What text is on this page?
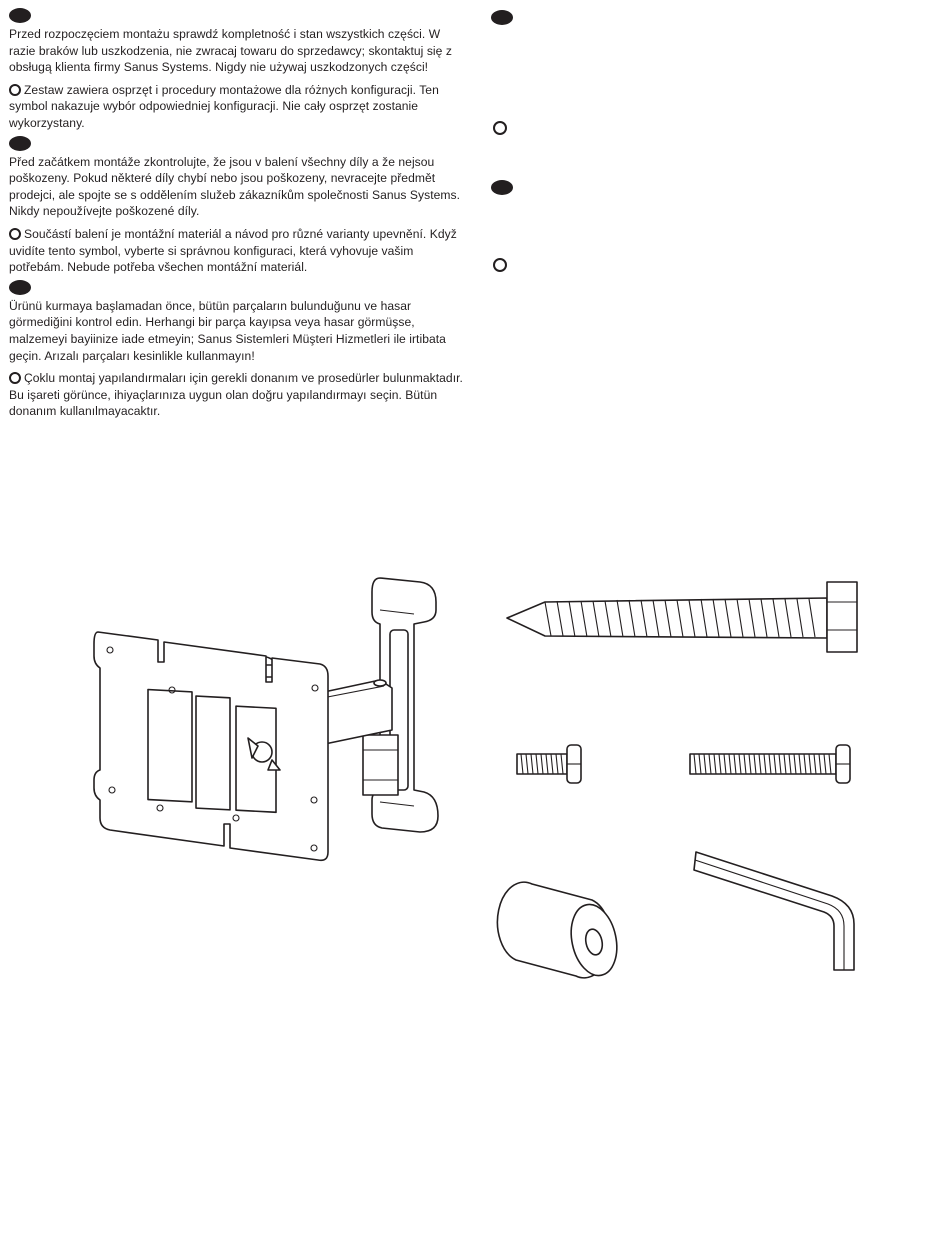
Przed rozpoczęciem montażu sprawdź kompletność i stan wszystkich części. W razie braków lub uszkodzenia, nie zwracaj towaru do sprzedawcy; skontaktuj się z obsługą klienta firmy Sanus Systems. Nigdy nie używaj uszkodzonych części!

Zestaw zawiera osprzęt i procedury montażowe dla różnych konfiguracji. Ten symbol nakazuje wybór odpowiedniej konfiguracji. Nie cały osprzęt zostanie wykorzystany.

Před začátkem montáže zkontrolujte, že jsou v balení všechny díly a že nejsou poškozeny. Pokud některé díly chybí nebo jsou poškozeny, nevracejte předmět prodejci, ale spojte se s oddělením služeb zákazníkům společnosti Sanus Systems. Nikdy nepoužívejte poškozené díly.

Součástí balení je montážní materiál a návod pro různé varianty upevnění. Když uvidíte tento symbol, vyberte si správnou konfiguraci, která vyhovuje vašim potřebám. Nebude potřeba všechen montážní materiál.

Ürünü kurmaya başlamadan önce, bütün parçaların bulunduğunu ve hasar görmediğini kontrol edin. Herhangi bir parça kayıpsa veya hasar görmüşse, malzemeyi bayiinize iade etmeyin; Sanus Sistemleri Müşteri Hizmetleri ile irtibata geçin. Arızalı parçaları kesinlikle kullanmayın!

Çoklu montaj yapılandırmaları için gerekli donanım ve prosedürler bulunmaktadır. Bu işareti görünce, ihiyaçlarınıza uygun olan doğru yapılandırmayı seçin. Bütün donanım kullanılmayacaktır.
